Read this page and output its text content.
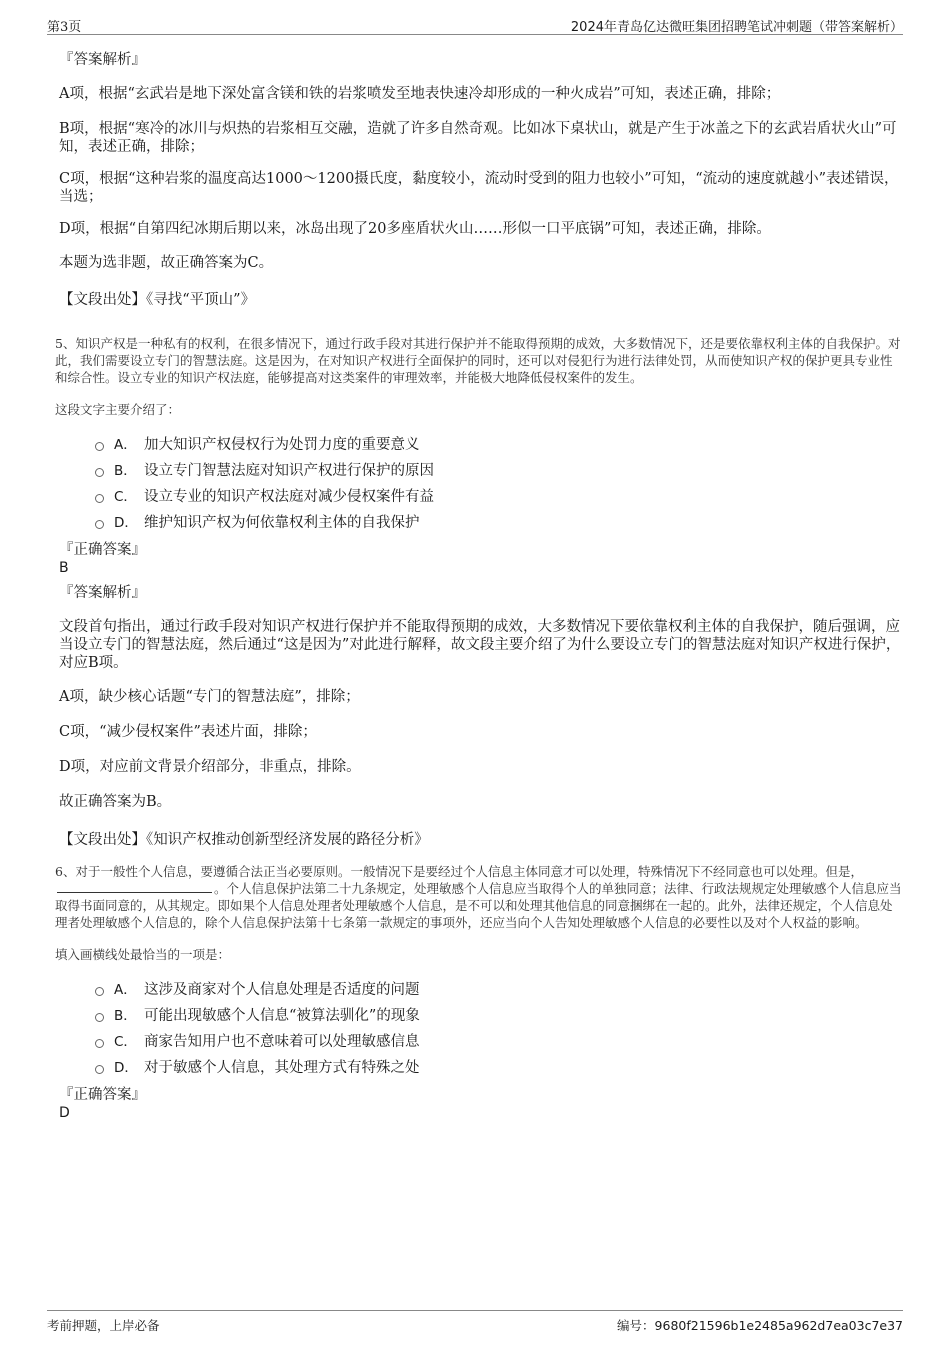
第3页	2024年青岛亿达微旺集团招聘笔试冲刺题（带答案解析）
『答案解析』

A项，根据“玄武岩是地下深处富含镁和铁的岩浆喷发至地表快速冷却形成的一种火成岩”可知，表述正确，排除；

B项，根据“寒冷的冰川与炽热的岩浆相互交融，造就了许多自然奇观。比如冰下桌状山，就是产生于冰盖之下的玄武岩盾状火山”可知，表述正确，排除；

C项，根据“这种岩浆的温度高达1000～1200摄氏度，黏度较小，流动时受到的阻力也较小”可知，“流动的速度就越小”表述错误，当选；

D项，根据“自第四纪冰期后期以来，冰岛出现了20多座盾状火山……形似一口平底锅”可知，表述正确，排除。

本题为选非题，故正确答案为C。

【文段出处】《寻找“平顶山”》

5、知识产权是一种私有的权利，在很多情况下，通过行政手段对其进行保护并不能取得预期的成效，大多数情况下，还是要依靠权利主体的自我保护。对此，我们需要设立专门的智慧法庭。这是因为，在对知识产权进行全面保护的同时，还可以对侵犯行为进行法律处罚，从而使知识产权的保护更具专业性和综合性。设立专业的知识产权法庭，能够提高对这类案件的审理效率，并能极大地降低侵权案件的发生。

这段文字主要介绍了：

A． 加大知识产权侵权行为处罚力度的重要意义
B． 设立专门智慧法庭对知识产权进行保护的原因
C． 设立专业的知识产权法庭对减少侵权案件有益
D． 维护知识产权为何依靠权利主体的自我保护
『正确答案』
B
『答案解析』

文段首句指出，通过行政手段对知识产权进行保护并不能取得预期的成效，大多数情况下要依靠权利主体的自我保护，随后强调，应当设立专门的智慧法庭，然后通过“这是因为”对此进行解释，故文段主要介绍了为什么要设立专门的智慧法庭对知识产权进行保护，对应B项。

A项，缺少核心话题“专门的智慧法庭”，排除；

C项，“减少侵权案件”表述片面，排除；

D项，对应前文背景介绍部分，非重点，排除。

故正确答案为B。

【文段出处】《知识产权推动创新型经济发展的路径分析》

6、对于一般性个人信息，要遵循合法正当必要原则。一般情况下是要经过个人信息主体同意才可以处理，特殊情况下不经同意也可以处理。但是，。个人信息保护法第二十九条规定，处理敏感个人信息应当取得个人的单独同意；法律、行政法规规定处理敏感个人信息应当取得书面同意的，从其规定。即如果个人信息处理者处理敏感个人信息，是不可以和处理其他信息的同意捆绑在一起的。此外，法律还规定，个人信息处理者处理敏感个人信息的，除个人信息保护法第十七条第一款规定的事项外，还应当向个人告知处理敏感个人信息的必要性以及对个人权益的影响。

填入画横线处最恰当的一项是：

A． 这涉及商家对个人信息处理是否适度的问题
B． 可能出现敏感个人信息“被算法驯化”的现象
C． 商家告知用户也不意味着可以处理敏感信息
D． 对于敏感个人信息，其处理方式有特殊之处
『正确答案』
D
考前押题，上岸必备	编号：9680f21596b1e2485a962d7ea03c7e37
